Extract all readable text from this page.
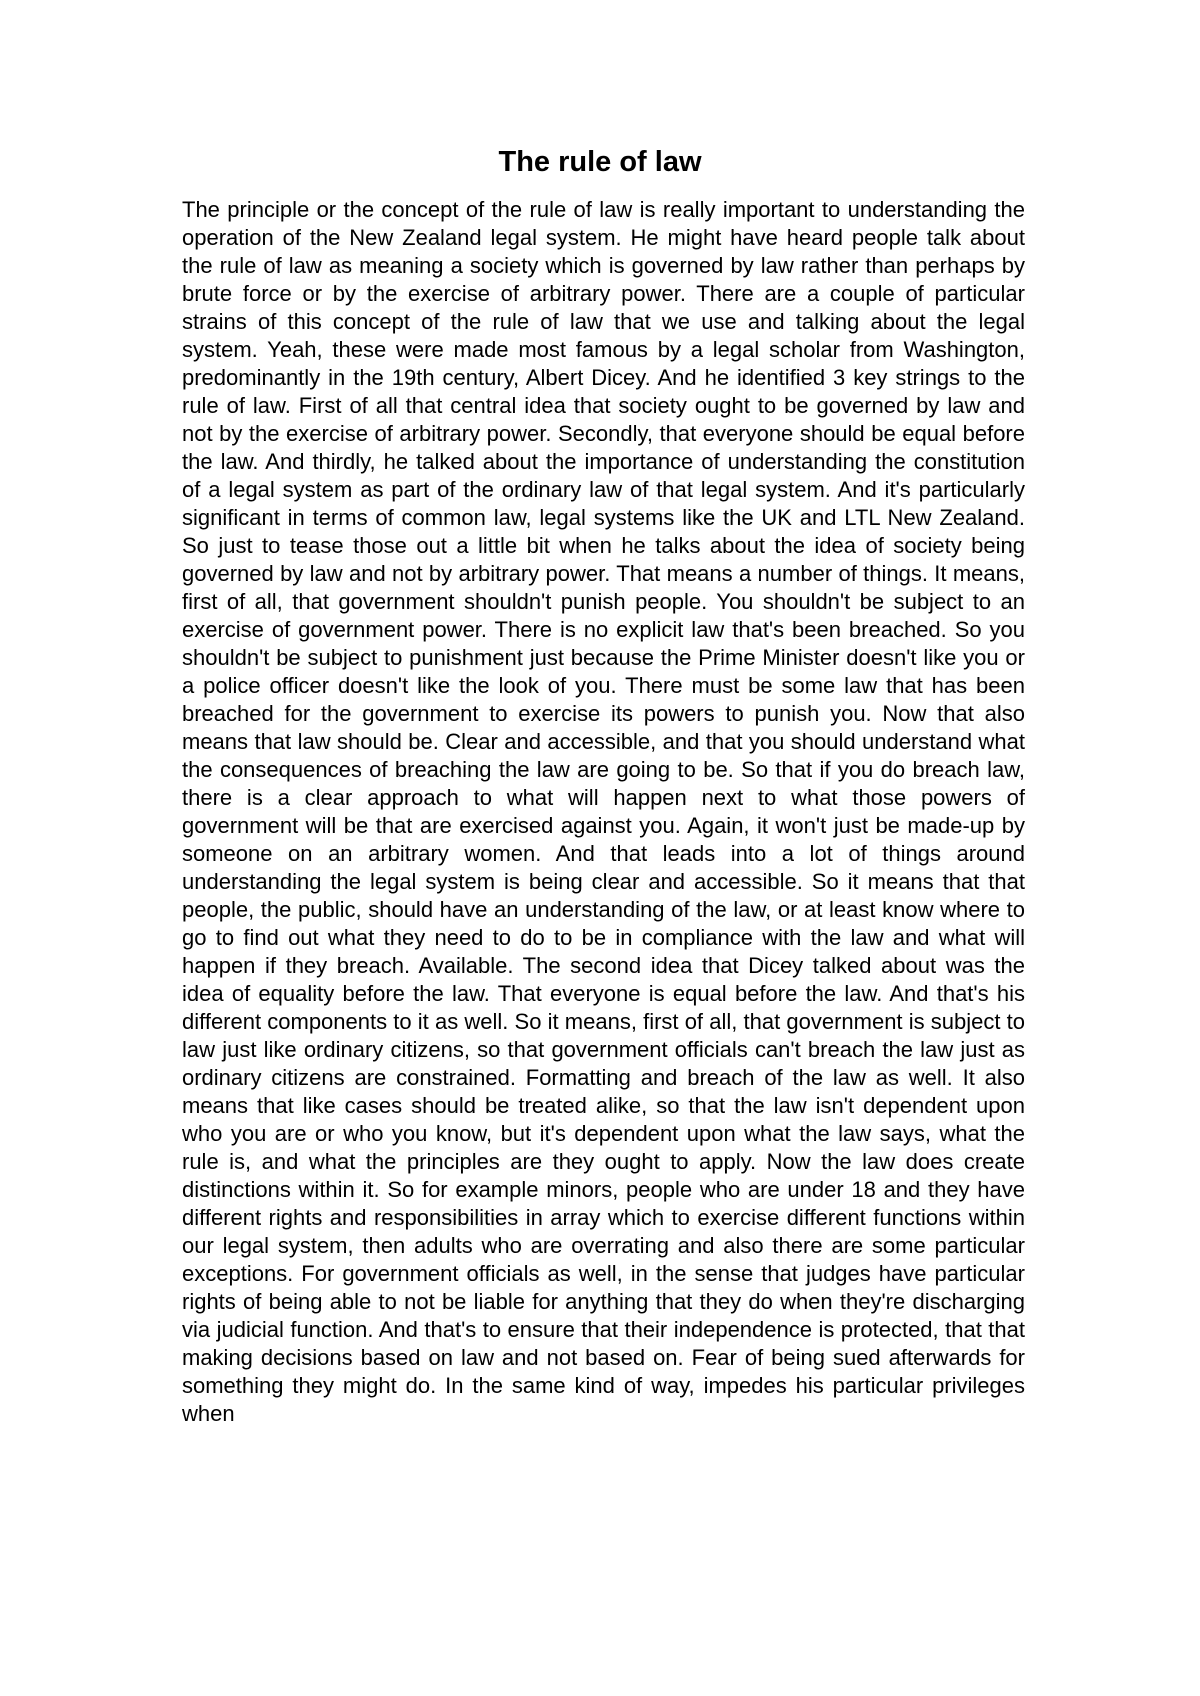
The rule of law

The principle or the concept of the rule of law is really important to understanding the operation of the New Zealand legal system. He might have heard people talk about the rule of law as meaning a society which is governed by law rather than perhaps by brute force or by the exercise of arbitrary power. There are a couple of particular strains of this concept of the rule of law that we use and talking about the legal system. Yeah, these were made most famous by a legal scholar from Washington, predominantly in the 19th century, Albert Dicey. And he identified 3 key strings to the rule of law. First of all that central idea that society ought to be governed by law and not by the exercise of arbitrary power. Secondly, that everyone should be equal before the law. And thirdly, he talked about the importance of understanding the constitution of a legal system as part of the ordinary law of that legal system. And it's particularly significant in terms of common law, legal systems like the UK and LTL New Zealand. So just to tease those out a little bit when he talks about the idea of society being governed by law and not by arbitrary power. That means a number of things. It means, first of all, that government shouldn't punish people. You shouldn't be subject to an exercise of government power. There is no explicit law that's been breached. So you shouldn't be subject to punishment just because the Prime Minister doesn't like you or a police officer doesn't like the look of you. There must be some law that has been breached for the government to exercise its powers to punish you. Now that also means that law should be. Clear and accessible, and that you should understand what the consequences of breaching the law are going to be. So that if you do breach law, there is a clear approach to what will happen next to what those powers of government will be that are exercised against you. Again, it won't just be made-up by someone on an arbitrary women. And that leads into a lot of things around understanding the legal system is being clear and accessible. So it means that that people, the public, should have an understanding of the law, or at least know where to go to find out what they need to do to be in compliance with the law and what will happen if they breach. Available. The second idea that Dicey talked about was the idea of equality before the law. That everyone is equal before the law. And that's his different components to it as well. So it means, first of all, that government is subject to law just like ordinary citizens, so that government officials can't breach the law just as ordinary citizens are constrained. Formatting and breach of the law as well. It also means that like cases should be treated alike, so that the law isn't dependent upon who you are or who you know, but it's dependent upon what the law says, what the rule is, and what the principles are they ought to apply. Now the law does create distinctions within it. So for example minors, people who are under 18 and they have different rights and responsibilities in array which to exercise different functions within our legal system, then adults who are overrating and also there are some particular exceptions. For government officials as well, in the sense that judges have particular rights of being able to not be liable for anything that they do when they're discharging via judicial function. And that's to ensure that their independence is protected, that that making decisions based on law and not based on. Fear of being sued afterwards for something they might do. In the same kind of way, impedes his particular privileges when
